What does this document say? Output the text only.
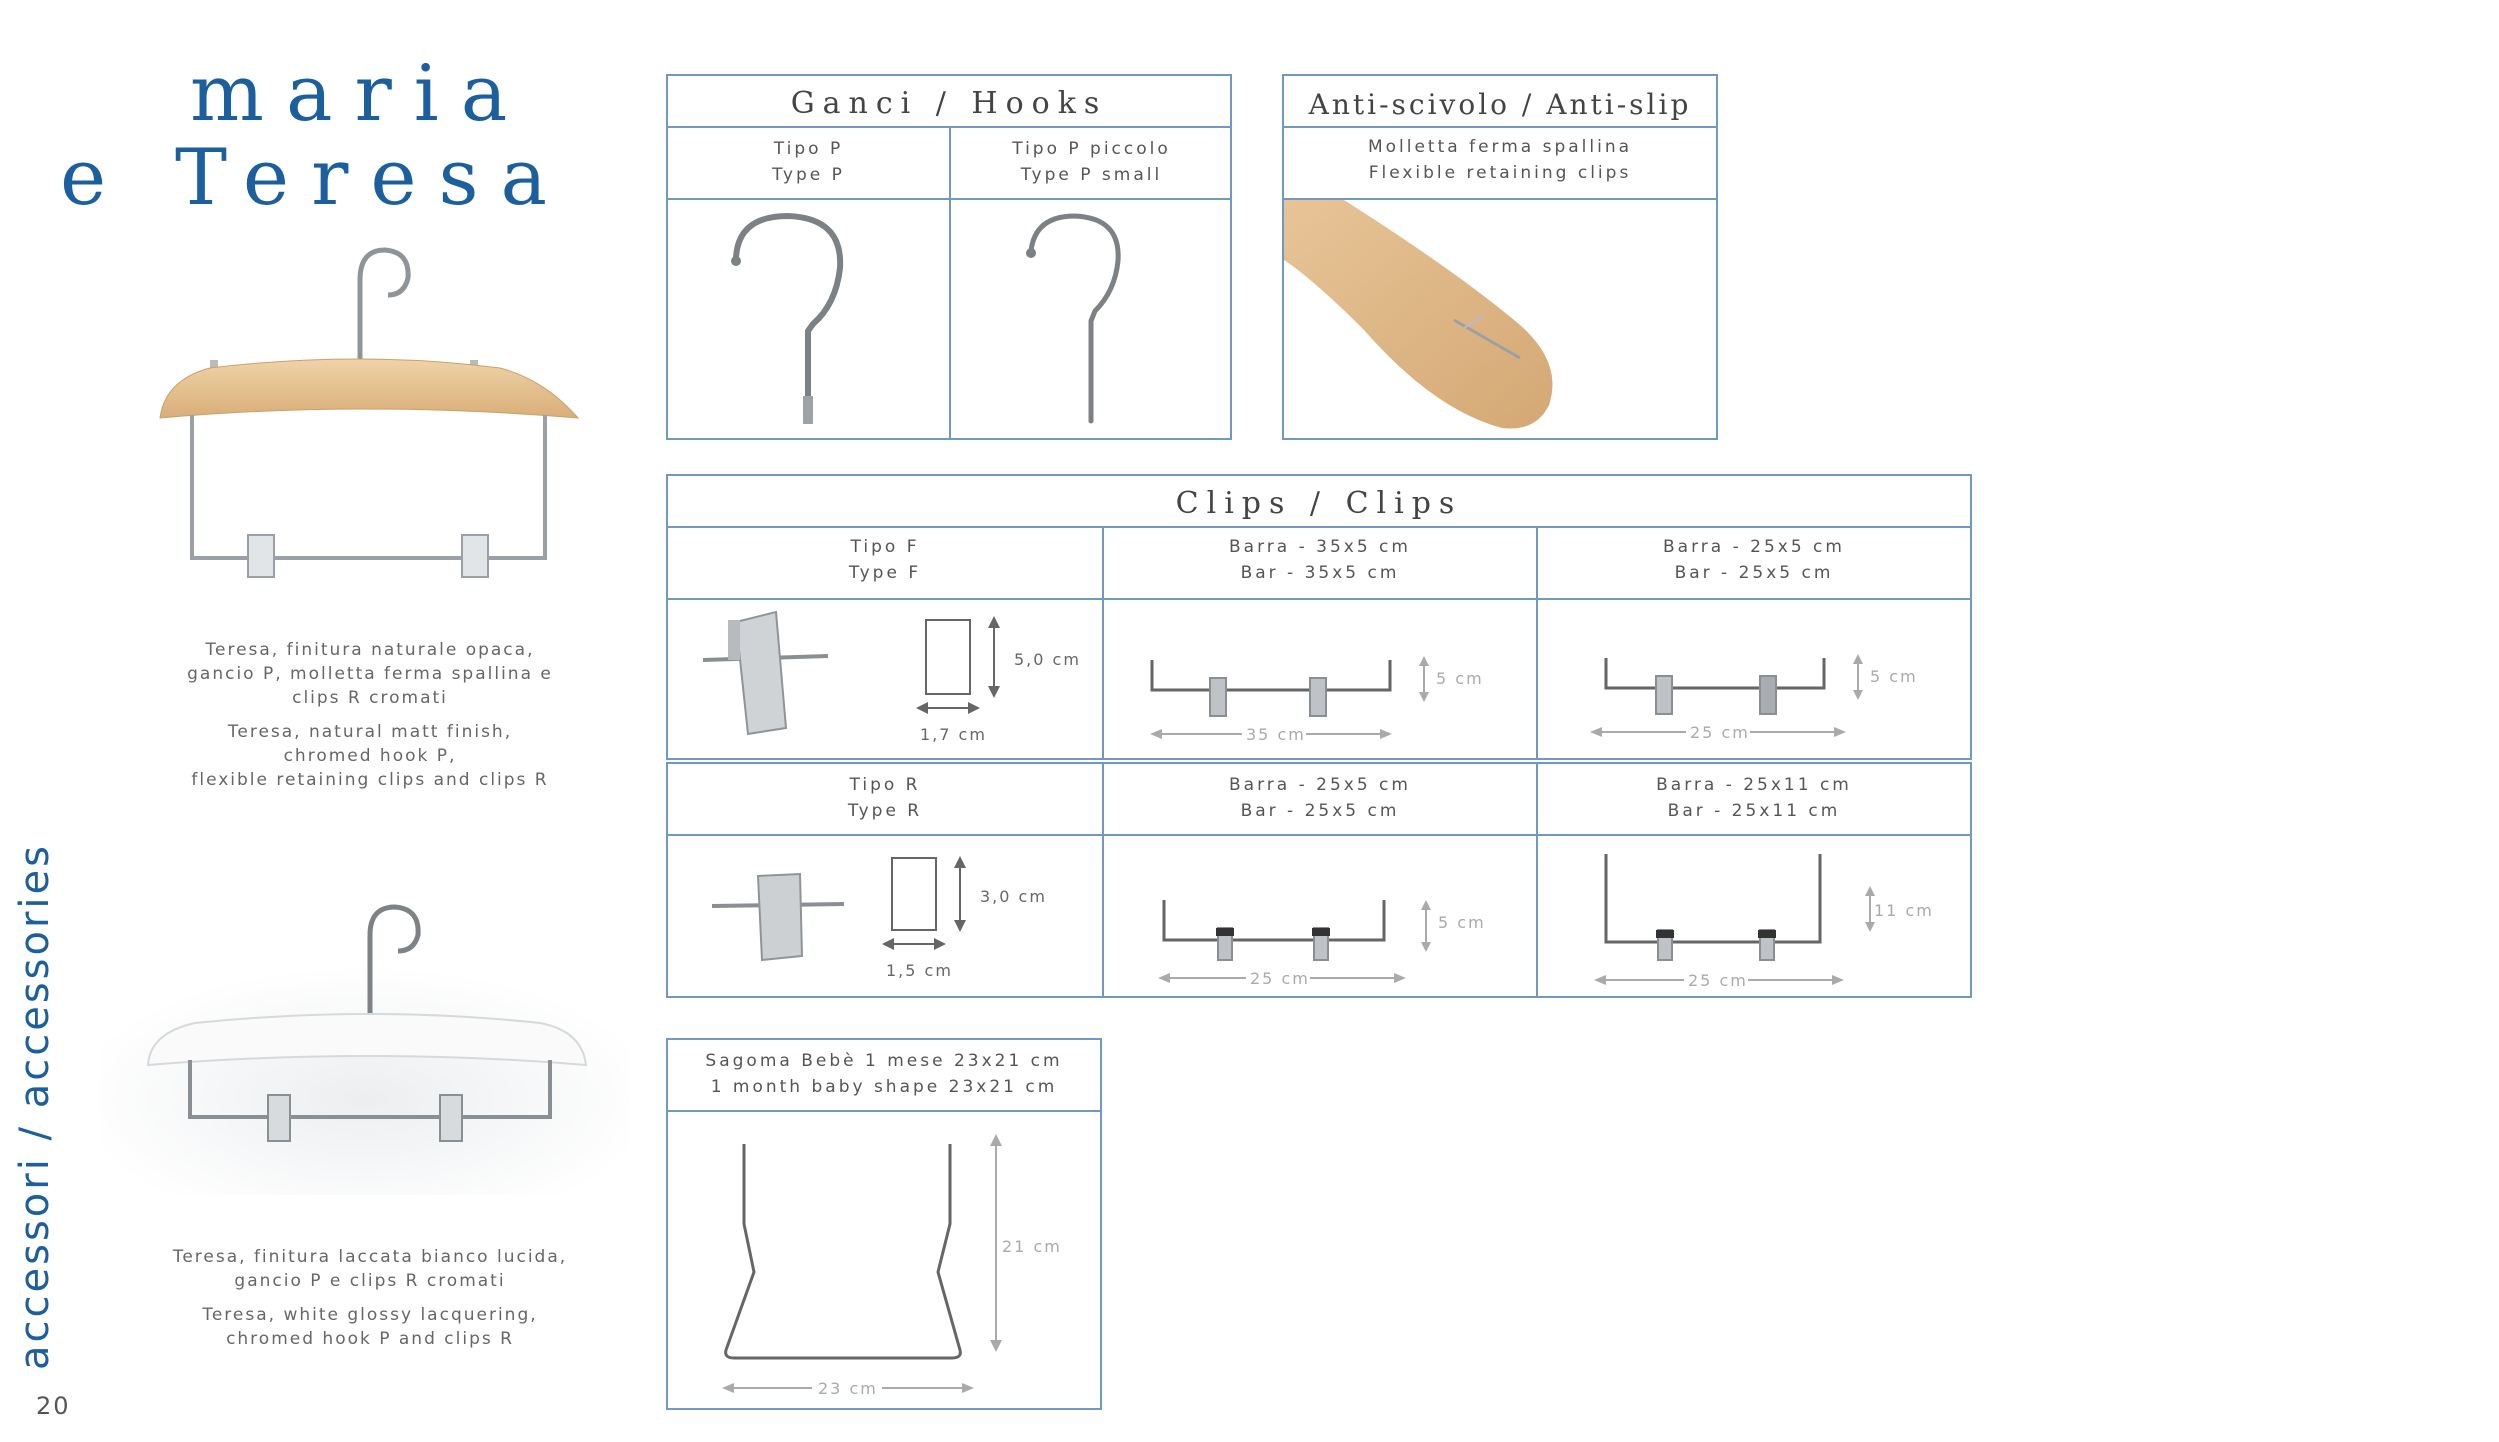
maria
e Teresa

Teresa, finitura naturale opaca,
gancio P, molletta ferma spallina e
clips R cromati

Teresa, natural matt finish,
chromed hook P,
flexible retaining clips and clips R

Teresa, finitura laccata bianco lucida,
gancio P e clips R cromati

Teresa, white glossy lacquering,
chromed hook P and clips R

accessori / accessories
20
Ganci / Hooks
Tipo P
Type P
Tipo P piccolo
Type P small
Anti-scivolo / Anti-slip
Molletta ferma spallina
Flexible retaining clips
Clips / Clips
Tipo F
Type F
Barra - 35x5 cm
Bar - 35x5 cm
Barra - 25x5 cm
Bar - 25x5 cm
5,0 cm
1,7 cm	35 cm
5 cm
25 cm
5 cm
Tipo R
Type R
Barra - 25x5 cm
Bar - 25x5 cm
Barra - 25x11 cm
Bar - 25x11 cm
3,0 cm
1,5 cm	25 cm
5 cm
25 cm
11 cm
Sagoma Bebè 1 mese 23x21 cm
1 month baby shape 23x21 cm
21 cm
23 cm
